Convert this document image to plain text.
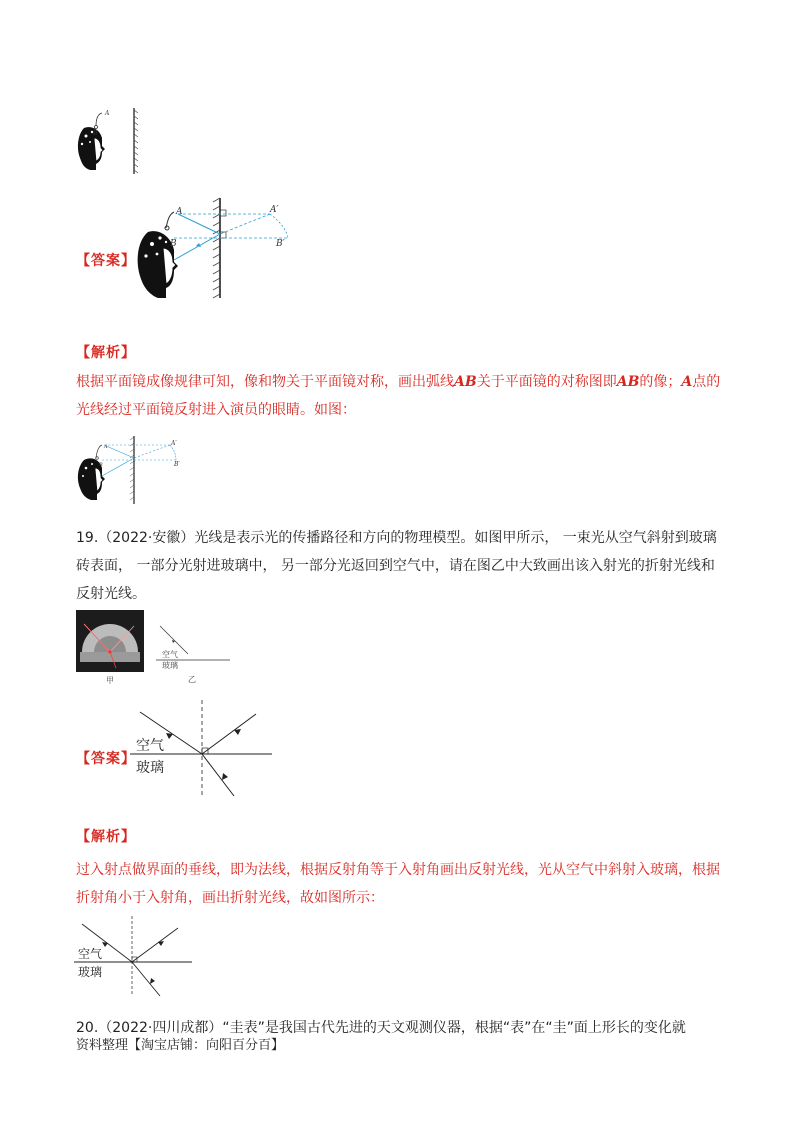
A
B
【答案】
A
B
A′
B′
【解析】
根据平面镜成像规律可知，像和物关于平面镜对称，画出弧线AB关于平面镜的对称图即AB的像；A点的
光线经过平面镜反射进入演员的眼睛。如图：
A
B
A′
B′
19.（2022·安徽）光线是表示光的传播路径和方向的物理模型。如图甲所示， 一束光从空气斜射到玻璃
砖表面， 一部分光射进玻璃中， 另一部分光返回到空气中，请在图乙中大致画出该入射光的折射光线和
反射光线。
甲
空气
玻璃
乙
【答案】
空气
玻璃
【解析】
过入射点做界面的垂线，即为法线，根据反射角等于入射角画出反射光线，光从空气中斜射入玻璃，根据
折射角小于入射角，画出折射光线，故如图所示：
空气
玻璃
20.（2022·四川成都）“圭表”是我国古代先进的天文观测仪器，根据“表”在“圭”面上形长的变化就
资料整理【淘宝店铺：向阳百分百】
